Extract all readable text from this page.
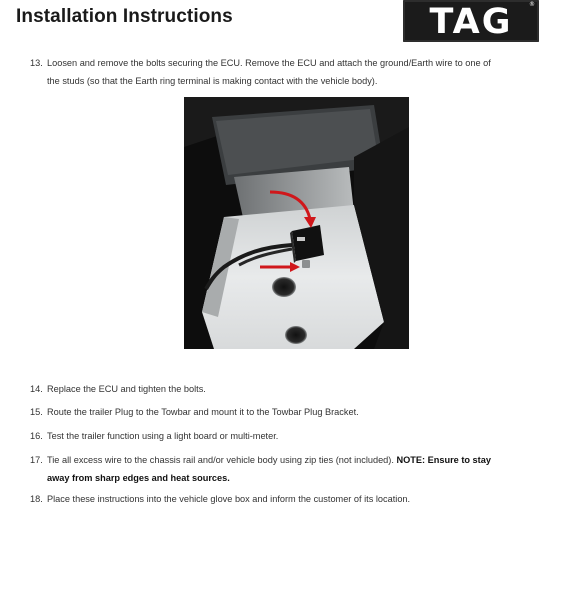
Installation Instructions	TAG	®
13. Loosen and remove the bolts securing the ECU. Remove the ECU and attach the ground/Earth wire to one of
the studs (so that the Earth ring terminal is making contact with the vehicle body).
14. Replace the ECU and tighten the bolts.
15. Route the trailer Plug to the Towbar and mount it to the Towbar Plug Bracket.
16. Test the trailer function using a light board or multi-meter.
17. Tie all excess wire to the chassis rail and/or vehicle body using zip ties (not included). NOTE: Ensure to stay
away from sharp edges and heat sources.
18. Place these instructions into the vehicle glove box and inform the customer of its location.
